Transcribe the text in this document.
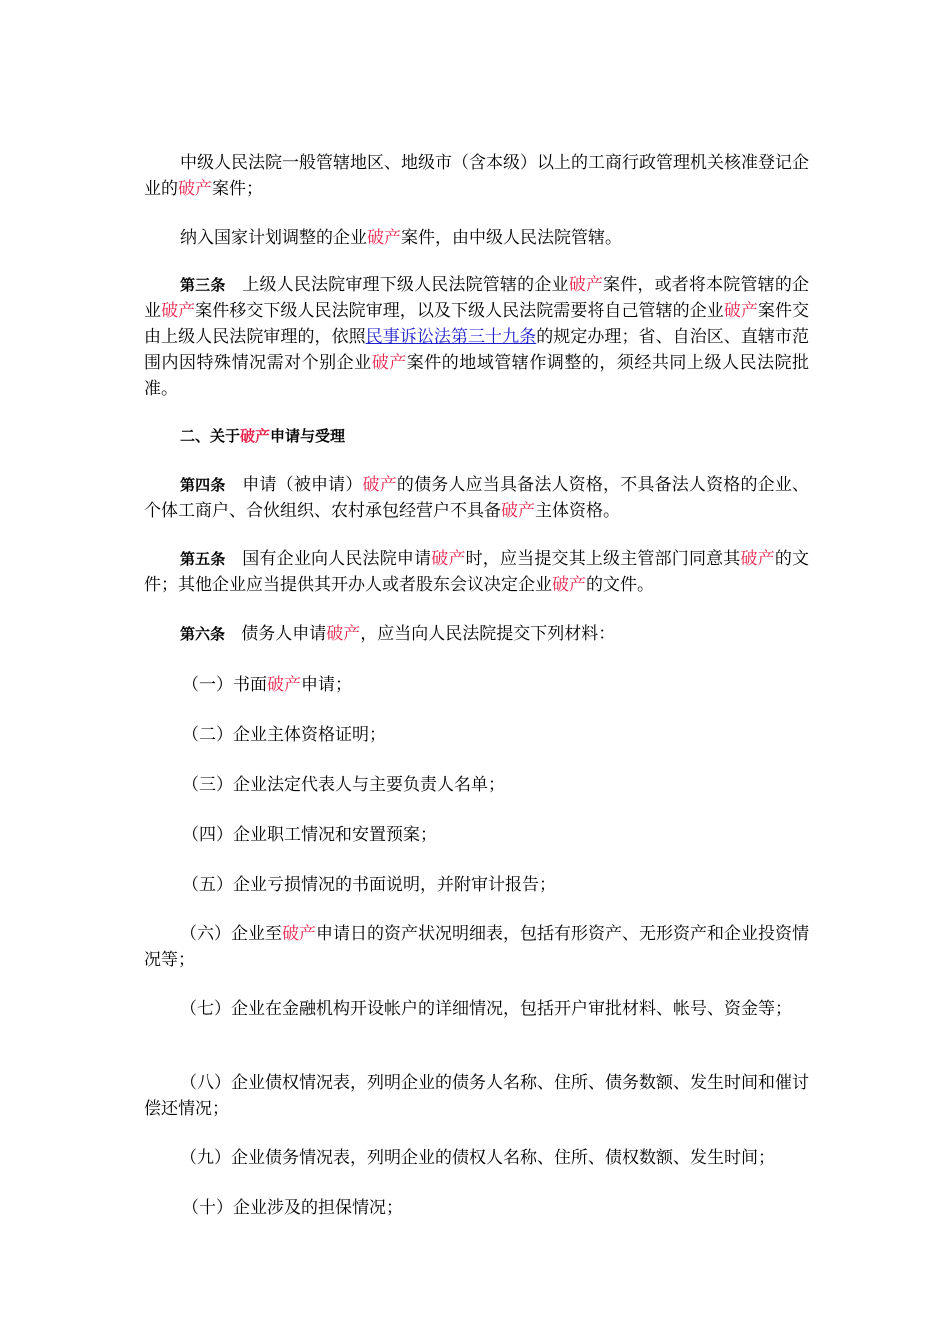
中级人民法院一般管辖地区、地级市（含本级）以上的工商行政管理机关核准登记企业的破产案件；

纳入国家计划调整的企业破产案件，由中级人民法院管辖。

第三条 上级人民法院审理下级人民法院管辖的企业破产案件，或者将本院管辖的企业破产案件移交下级人民法院审理，以及下级人民法院需要将自己管辖的企业破产案件交由上级人民法院审理的，依照民事诉讼法第三十九条的规定办理；省、自治区、直辖市范围内因特殊情况需对个别企业破产案件的地域管辖作调整的，须经共同上级人民法院批准。

二、关于破产申请与受理

第四条 申请（被申请）破产的债务人应当具备法人资格，不具备法人资格的企业、个体工商户、合伙组织、农村承包经营户不具备破产主体资格。

第五条 国有企业向人民法院申请破产时，应当提交其上级主管部门同意其破产的文件；其他企业应当提供其开办人或者股东会议决定企业破产的文件。

第六条 债务人申请破产，应当向人民法院提交下列材料：

（一）书面破产申请；

（二）企业主体资格证明；

（三）企业法定代表人与主要负责人名单；

（四）企业职工情况和安置预案；

（五）企业亏损情况的书面说明，并附审计报告；

（六）企业至破产申请日的资产状况明细表，包括有形资产、无形资产和企业投资情况等；

（七）企业在金融机构开设帐户的详细情况，包括开户审批材料、帐号、资金等；

（八）企业债权情况表，列明企业的债务人名称、住所、债务数额、发生时间和催讨偿还情况；

（九）企业债务情况表，列明企业的债权人名称、住所、债权数额、发生时间；

（十）企业涉及的担保情况；
